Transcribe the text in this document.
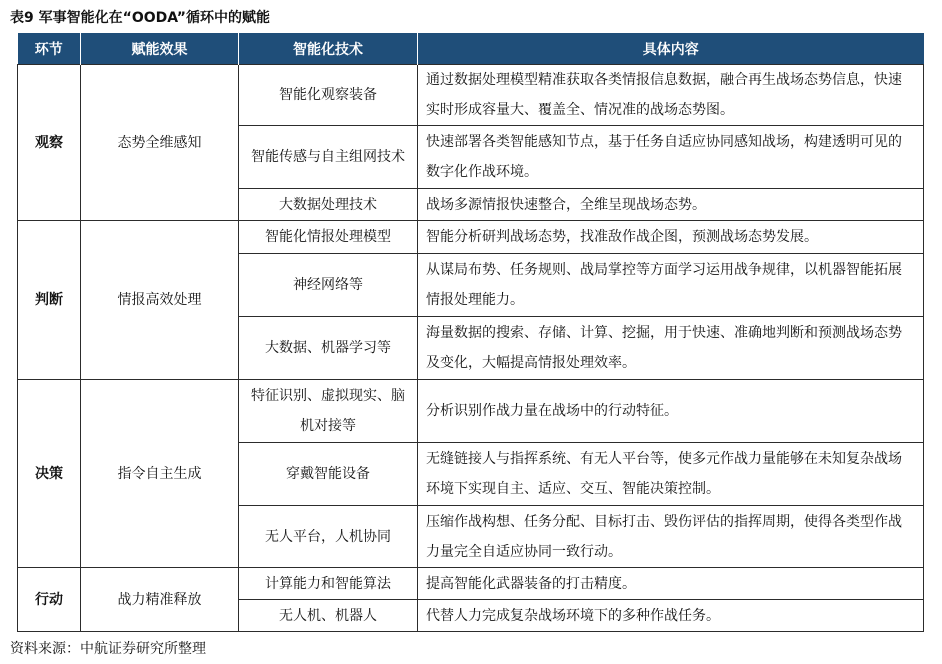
表9 军事智能化在“OODA”循环中的赋能
环节	赋能效果	智能化技术	具体内容
观察	态势全维感知	智能化观察装备	通过数据处理模型精准获取各类情报信息数据，融合再生战场态势信息，快速实时形成容量大、覆盖全、情况准的战场态势图。
		智能传感与自主组网技术	快速部署各类智能感知节点，基于任务自适应协同感知战场，构建透明可见的数字化作战环境。
		大数据处理技术	战场多源情报快速整合，全维呈现战场态势。
判断	情报高效处理	智能化情报处理模型	智能分析研判战场态势，找准敌作战企图，预测战场态势发展。
		神经网络等	从谋局布势、任务规则、战局掌控等方面学习运用战争规律，以机器智能拓展情报处理能力。
		大数据、机器学习等	海量数据的搜索、存储、计算、挖掘，用于快速、准确地判断和预测战场态势及变化，大幅提高情报处理效率。
决策	指令自主生成	特征识别、虚拟现实、脑机对接等	分析识别作战力量在战场中的行动特征。
		穿戴智能设备	无缝链接人与指挥系统、有无人平台等，使多元作战力量能够在未知复杂战场环境下实现自主、适应、交互、智能决策控制。
		无人平台，人机协同	压缩作战构想、任务分配、目标打击、毁伤评估的指挥周期，使得各类型作战力量完全自适应协同一致行动。
行动	战力精准释放	计算能力和智能算法	提高智能化武器装备的打击精度。
		无人机、机器人	代替人力完成复杂战场环境下的多种作战任务。
资料来源：中航证券研究所整理
